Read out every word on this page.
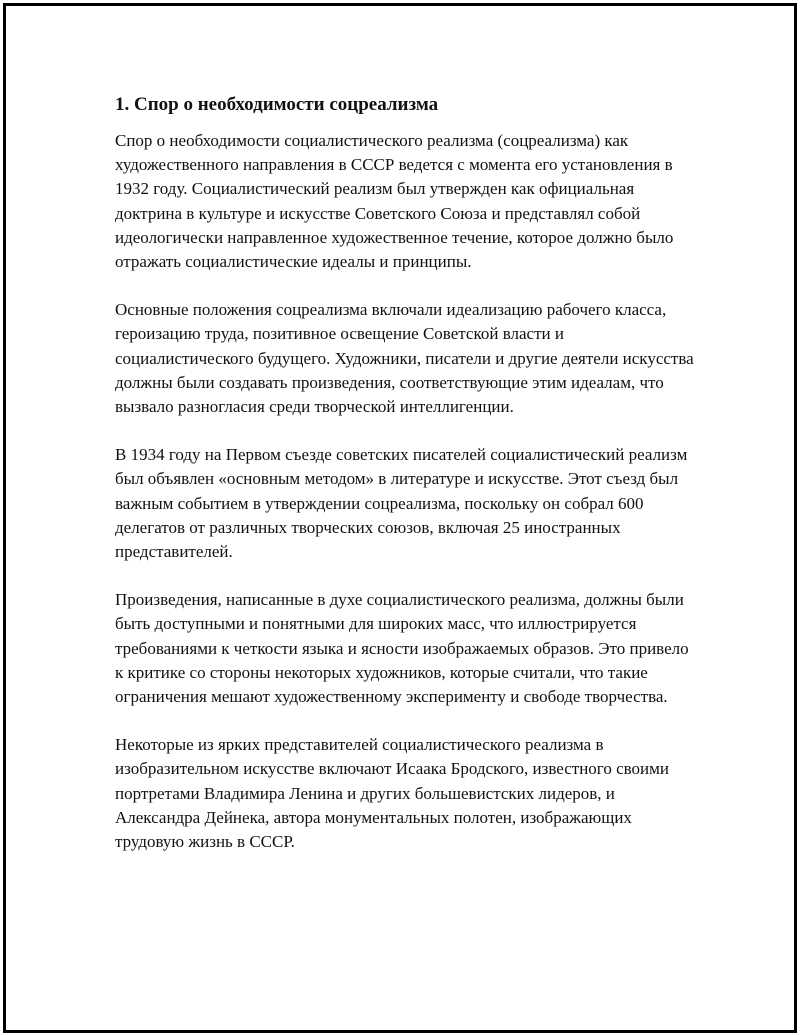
1. Спор о необходимости соцреализма

Спор о необходимости социалистического реализма (соцреализма) как художественного направления в СССР ведется с момента его установления в 1932 году. Социалистический реализм был утвержден как официальная доктрина в культуре и искусстве Советского Союза и представлял собой идеологически направленное художественное течение, которое должно было отражать социалистические идеалы и принципы.

Основные положения соцреализма включали идеализацию рабочего класса, героизацию труда, позитивное освещение Советской власти и социалистического будущего. Художники, писатели и другие деятели искусства должны были создавать произведения, соответствующие этим идеалам, что вызвало разногласия среди творческой интеллигенции.

В 1934 году на Первом съезде советских писателей социалистический реализм был объявлен «основным методом» в литературе и искусстве. Этот съезд был важным событием в утверждении соцреализма, поскольку он собрал 600 делегатов от различных творческих союзов, включая 25 иностранных представителей.

Произведения, написанные в духе социалистического реализма, должны были быть доступными и понятными для широких масс, что иллюстрируется требованиями к четкости языка и ясности изображаемых образов. Это привело к критике со стороны некоторых художников, которые считали, что такие ограничения мешают художественному эксперименту и свободе творчества.

Некоторые из ярких представителей социалистического реализма в изобразительном искусстве включают Исаака Бродского, известного своими портретами Владимира Ленина и других большевистских лидеров, и Александра Дейнека, автора монументальных полотен, изображающих трудовую жизнь в СССР.
